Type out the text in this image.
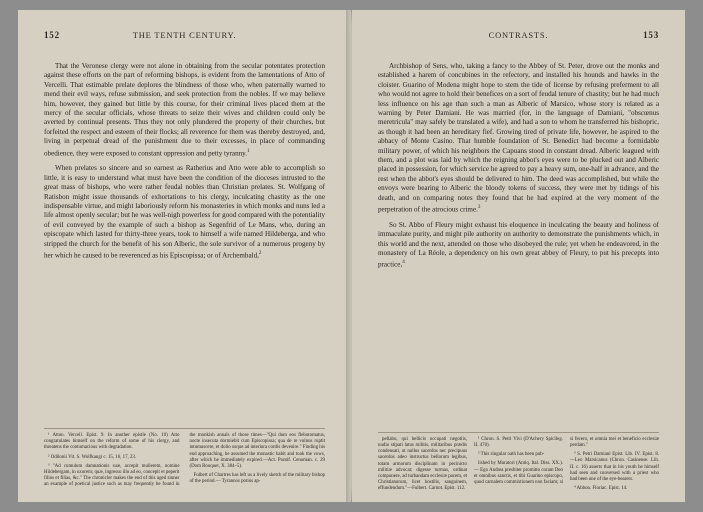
152	THE TENTH CENTURY.

That the Veronese clergy were not alone in obtaining from the secular potentates protection against these efforts on the part of reforming bishops, is evident from the lamentations of Atto of Vercelli. That estimable prelate deplores the blindness of those who, when paternally warned to mend their evil ways, refuse submission, and seek protection from the nobles. If we may believe him, however, they gained but little by this course, for their criminal lives placed them at the mercy of the secular officials, whose threats to seize their wives and children could only be averted by continual presents. Thus they not only plundered the property of their churches, but forfeited the respect and esteem of their flocks; all reverence for them was thereby destroyed, and, living in perpetual dread of the punishment due to their excesses, in place of commanding obedience, they were exposed to constant oppression and petty tyranny.$^1$

When prelates so sincere and so earnest as Ratherius and Atto were able to accomplish so little, it is easy to understand what must have been the condition of the dioceses intrusted to the great mass of bishops, who were rather feudal nobles than Christian prelates. St. Wolfgang of Ratisbon might issue thousands of exhortations to his clergy, inculcating chastity as the one indispensable virtue, and might laboriously reform his monasteries in which monks and nuns led a life almost openly secular; but he was well-nigh powerless for good compared with the potentiality of evil conveyed by the example of such a bishop as Segenfrid of Le Mans, who, during an episcopate which lasted for thirty-three years, took to himself a wife named Hildeberga, and who stripped the church for the benefit of his son Alberic, the sole survivor of a numerous progeny by her which he caused to be reverenced as his Episcopissa; or of Archembald,$^2$

¹ Atton. Vercell. Epist. 9. In another epistle (No. 10) Atto congratulates himself on the reform of some of his clergy, and threatens the contumacious with degradation.

² Odilonii Vit. S. Wolfkangi c. 15, 16, 17, 23.

³ "Ad cumulum damnationis suæ, accepit mulierem, nomine Hildebergam, in uxorem; quæ, ingresso illo ad eo, concepit et peperit filios et filias, &c." The chronicler makes the end of this aged sinner an example of poetical justice such as may frequently be found in the monkish annals of those times—"Qui dum eos flebotomatus, nocte insecuta dormiebit cum Episcopissa; qua de re vulnus ruptit intumuscere, et dolio usque ad interiora cordis devenire." Finding his end approaching, he assumed the monastic habit and took the vows, after which he immediately expired.—Act. Pontif. Cenoman. c. 29 (Dom Bouquet, X. 384–5).

Fulbert of Chartres has left us a lively sketch of the military bishop of the period.— Tyrannos potius ap-

CONTRASTS.	153

Archbishop of Sens, who, taking a fancy to the Abbey of St. Peter, drove out the monks and established a harem of concubines in the refectory, and installed his hounds and hawks in the cloister. Guarino of Modena might hope to stem the tide of license by refusing preferment to all who would not agree to hold their benefices on a sort of feudal tenure of chastity; but he had much less influence on his age than such a man as Alberic of Marsico, whose story is related as a warning by Peter Damiani. He was married (for, in the language of Damiani, "obscœnus meretricula" may safely be translated a wife), and had a son to whom he transferred his bishopric, as though it had been an hereditary fief. Growing tired of private life, however, he aspired to the abbacy of Monte Casino. That humble foundation of St. Benedict had become a formidable military power, of which his neighbors the Capuans stood in constant dread. Alberic leagued with them, and a plot was laid by which the reigning abbot's eyes were to be plucked out and Alberic placed in possession, for which service he agreed to pay a heavy sum, one-half in advance, and the rest when the abbot's eyes should be delivered to him. The deed was accomplished, but while the envoys were bearing to Alberic the bloody tokens of success, they were met by tidings of his death, and on comparing notes they found that he had expired at the very moment of the perpetration of the atrocious crime.$^3$

So St. Abbo of Fleury might exhaust his eloquence in inculcating the beauty and holiness of immaculate purity, and might pile authority on authority to demonstrate the punishments which, in this world and the next, attended on those who disobeyed the rule; yet when he endeavored, in the monastery of La Réole, a dependency on his own great abbey of Fleury, to put his precepts into practice,$^4$

pellabo, qui bellicis occupati negotiis, nudio stipati latus militis, militaribus prædis condensati, ut nullus sacerdos nec precipuus sacerdos adeo instructus bellorum legibus, totam armorum disciplinam in pecinicto militiæ advocat; digesse turmas, ordinat componere, ad turbandam ecclesiæ pacem, et Christianorum, licet hostilis, sanguinem, effundendum."—Fulbert. Carnot. Epist. 112.

¹ Chron. S. Petri Vivi (D'Achery Spicileg. II. 470).

² This singular oath has been pub-

lished by Muratori (Antiq. Ital. Diss. XX.).— Ego Andrea presbiter promitto coram Deo et omnibus sanctis, et tibi Guarino episcopo, quod carnalem commixtionem non faciam; si si fecero, et omnia mei et beneficio ecclesiæ perdam."

³ S. Petri Damiani Epist. Lib. IV. Epist. 8.—Leo Marsicanus (Chron. Casinense. Lib. II. c. 16) asserts that in his youth he himself had seen and conversed with a priest who had been one of the eye-bearers.

⁴ Abbon. Floriac. Epist. 14.
